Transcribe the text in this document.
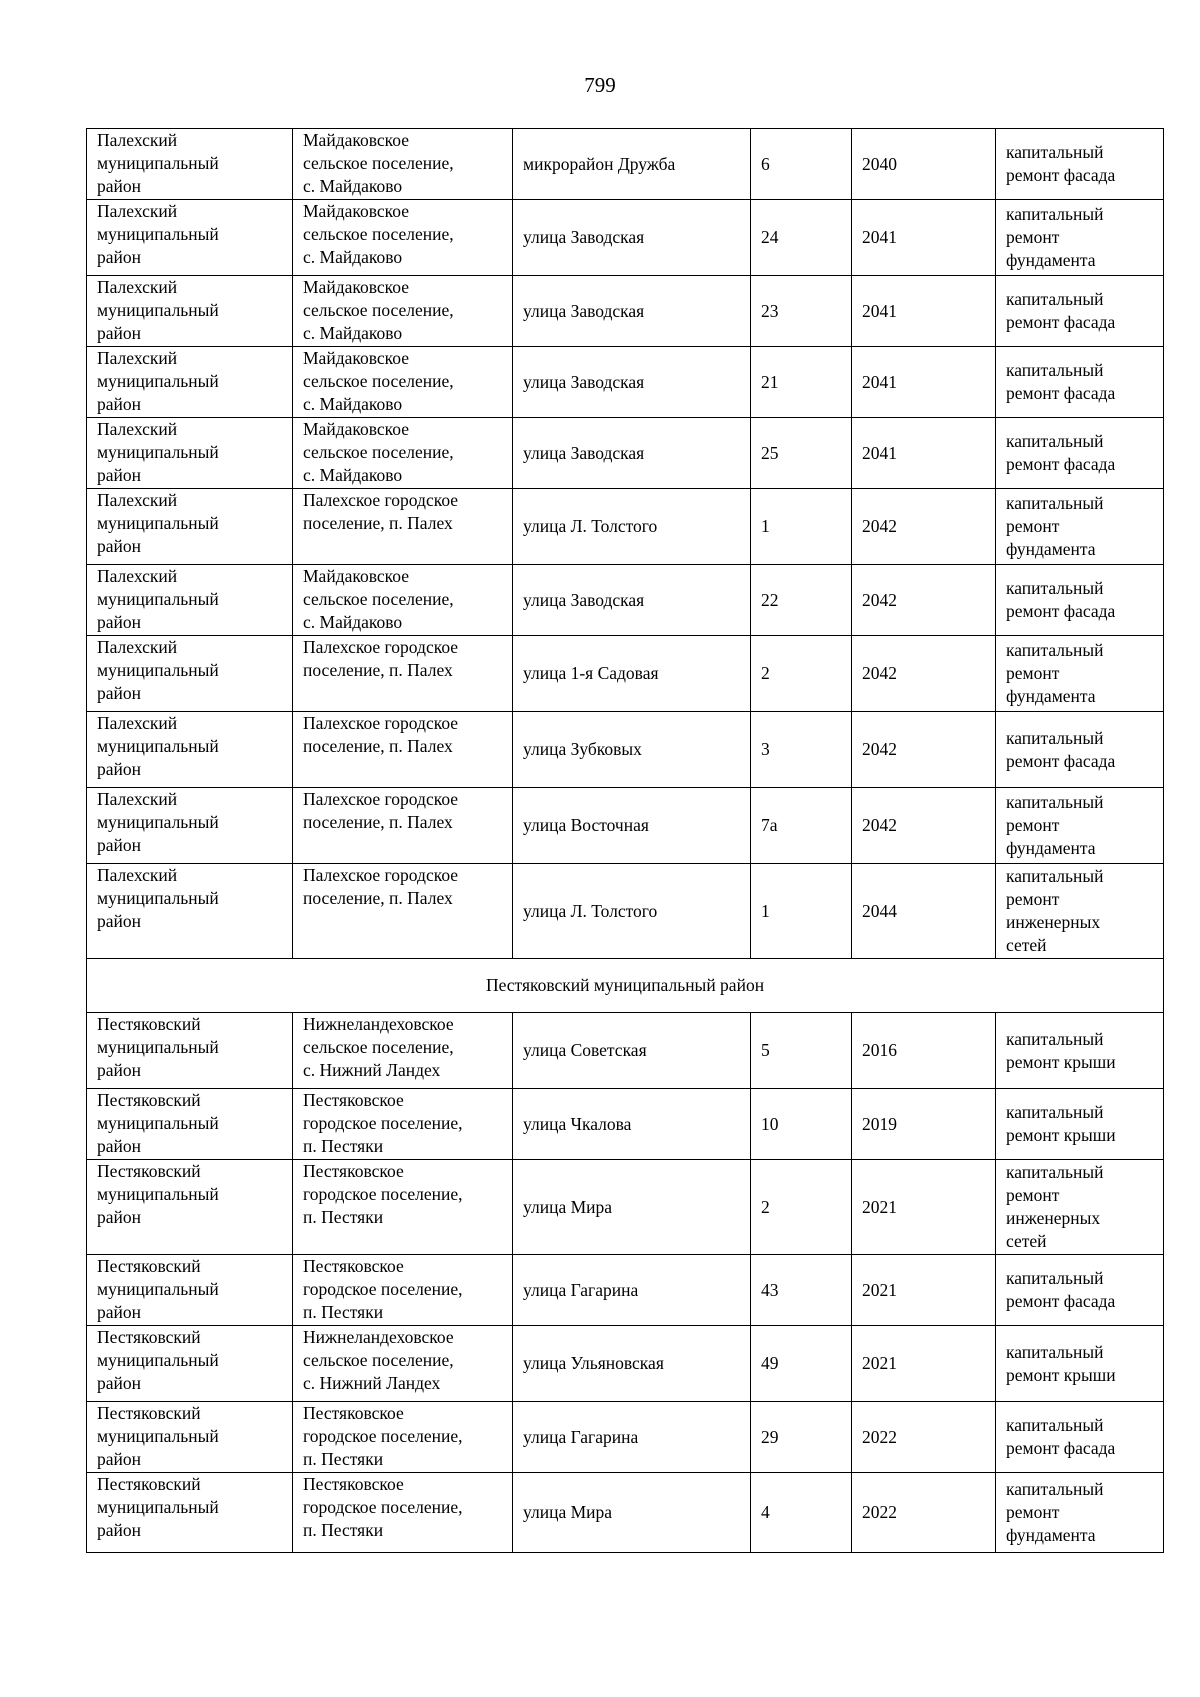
799
Палехский
муниципальный
район	Майдаковское
сельское поселение,
с. Майдаково	микрорайон Дружба	6	2040	капитальный
ремонт фасада

Палехский
муниципальный
район	Майдаковское
сельское поселение,
с. Майдаково	улица Заводская	24	2041	капитальный
ремонт
фундамента

Палехский
муниципальный
район	Майдаковское
сельское поселение,
с. Майдаково	улица Заводская	23	2041	капитальный
ремонт фасада

Палехский
муниципальный
район	Майдаковское
сельское поселение,
с. Майдаково	улица Заводская	21	2041	капитальный
ремонт фасада

Палехский
муниципальный
район	Майдаковское
сельское поселение,
с. Майдаково	улица Заводская	25	2041	капитальный
ремонт фасада

Палехский
муниципальный
район	Палехское городское
поселение, п. Палех	улица Л. Толстого	1	2042	капитальный
ремонт
фундамента

Палехский
муниципальный
район	Майдаковское
сельское поселение,
с. Майдаково	улица Заводская	22	2042	капитальный
ремонт фасада

Палехский
муниципальный
район	Палехское городское
поселение, п. Палех	улица 1-я Садовая	2	2042	капитальный
ремонт
фундамента

Палехский
муниципальный
район	Палехское городское
поселение, п. Палех	улица Зубковых	3	2042	капитальный
ремонт фасада

Палехский
муниципальный
район	Палехское городское
поселение, п. Палех	улица Восточная	7а	2042	капитальный
ремонт
фундамента

Палехский
муниципальный
район	Палехское городское
поселение, п. Палех	улица Л. Толстого	1	2044	капитальный
ремонт
инженерных
сетей

Пестяковский муниципальный район					

Пестяковский
муниципальный
район	Нижнеландеховское
сельское поселение,
с. Нижний Ландех	улица Советская	5	2016	капитальный
ремонт крыши

Пестяковский
муниципальный
район	Пестяковское
городское поселение,
п. Пестяки	улица Чкалова	10	2019	капитальный
ремонт крыши

Пестяковский
муниципальный
район	Пестяковское
городское поселение,
п. Пестяки	улица Мира	2	2021	капитальный
ремонт
инженерных
сетей

Пестяковский
муниципальный
район	Пестяковское
городское поселение,
п. Пестяки	улица Гагарина	43	2021	капитальный
ремонт фасада

Пестяковский
муниципальный
район	Нижнеландеховское
сельское поселение,
с. Нижний Ландех	улица Ульяновская	49	2021	капитальный
ремонт крыши

Пестяковский
муниципальный
район	Пестяковское
городское поселение,
п. Пестяки	улица Гагарина	29	2022	капитальный
ремонт фасада

Пестяковский
муниципальный
район	Пестяковское
городское поселение,
п. Пестяки	улица Мира	4	2022	капитальный
ремонт
фундамента
